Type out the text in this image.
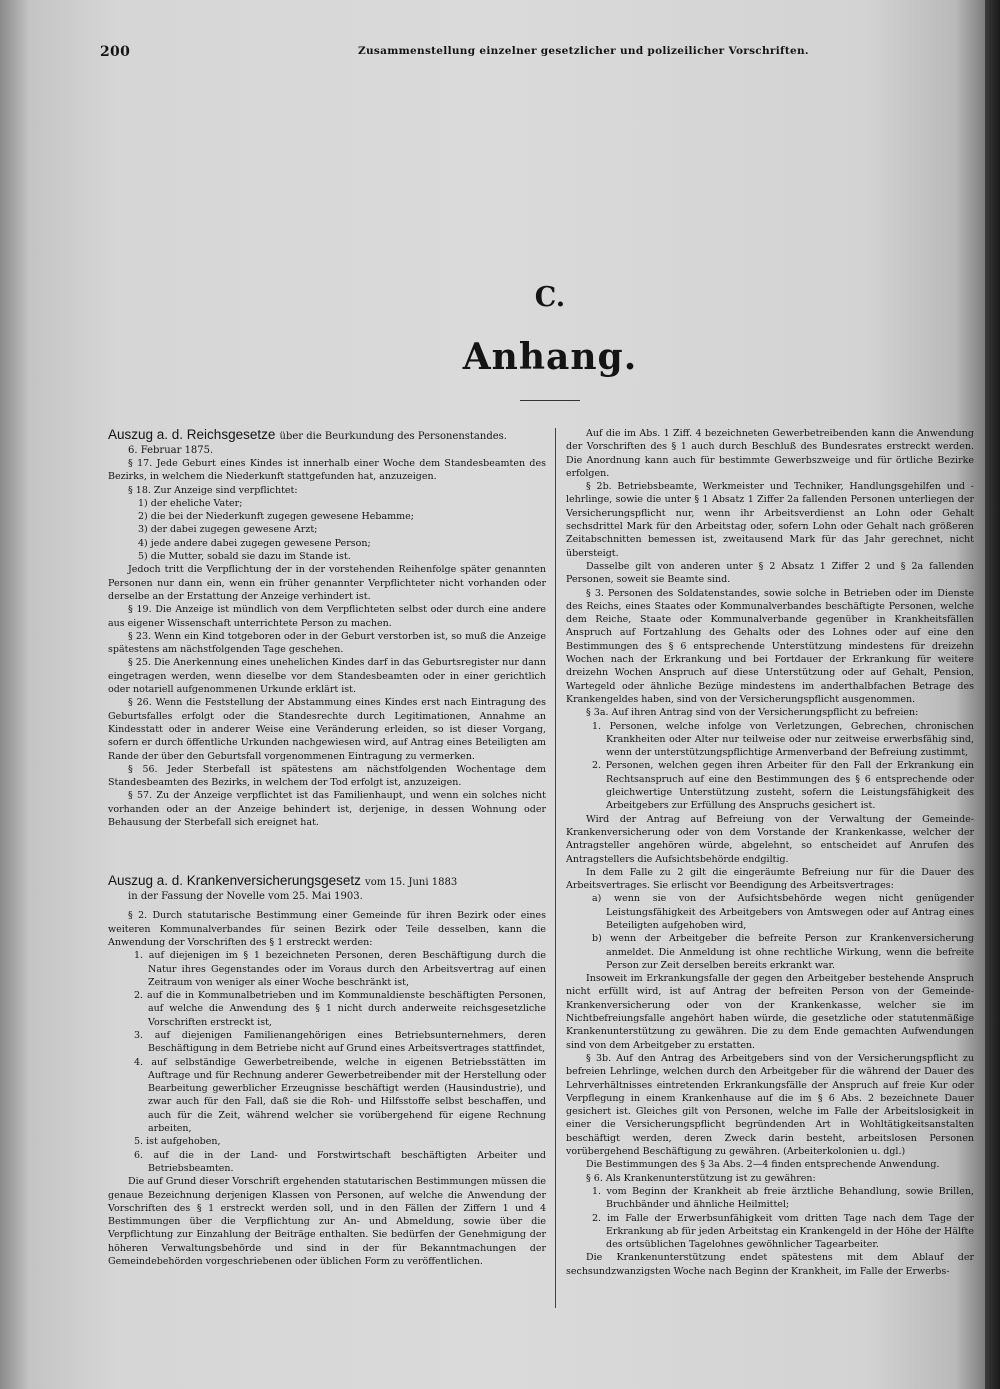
200	Zusammenstellung einzelner gesetzlicher und polizeilicher Vorschriften.
C.
Anhang.

Auszug a. d. Reichsgesetze über die Beurkundung des Personenstandes.

6. Februar 1875.

§ 17. Jede Geburt eines Kindes ist innerhalb einer Woche dem Standesbeamten des Bezirks, in welchem die Niederkunft stattgefunden hat, anzuzeigen.

§ 18. Zur Anzeige sind verpflichtet:

1) der eheliche Vater;

2) die bei der Niederkunft zugegen gewesene Hebamme;

3) der dabei zugegen gewesene Arzt;

4) jede andere dabei zugegen gewesene Person;

5) die Mutter, sobald sie dazu im Stande ist.

Jedoch tritt die Verpflichtung der in der vorstehenden Reihenfolge später genannten Personen nur dann ein, wenn ein früher genannter Verpflichteter nicht vorhanden oder derselbe an der Erstattung der Anzeige verhindert ist.

§ 19. Die Anzeige ist mündlich von dem Verpflichteten selbst oder durch eine andere aus eigener Wissenschaft unterrichtete Person zu machen.

§ 23. Wenn ein Kind totgeboren oder in der Geburt verstorben ist, so muß die Anzeige spätestens am nächstfolgenden Tage geschehen.

§ 25. Die Anerkennung eines unehelichen Kindes darf in das Geburtsregister nur dann eingetragen werden, wenn dieselbe vor dem Standesbeamten oder in einer gerichtlich oder notariell aufgenommenen Urkunde erklärt ist.

§ 26. Wenn die Feststellung der Abstammung eines Kindes erst nach Eintragung des Geburtsfalles erfolgt oder die Standesrechte durch Legitimationen, Annahme an Kindesstatt oder in anderer Weise eine Veränderung erleiden, so ist dieser Vorgang, sofern er durch öffentliche Urkunden nachgewiesen wird, auf Antrag eines Beteiligten am Rande der über den Geburtsfall vorgenommenen Eintragung zu vermerken.

§ 56. Jeder Sterbefall ist spätestens am nächstfolgenden Wochentage dem Standesbeamten des Bezirks, in welchem der Tod erfolgt ist, anzuzeigen.

§ 57. Zu der Anzeige verpflichtet ist das Familienhaupt, und wenn ein solches nicht vorhanden oder an der Anzeige behindert ist, derjenige, in dessen Wohnung oder Behausung der Sterbefall sich ereignet hat.

Auszug a. d. Krankenversicherungsgesetz vom 15. Juni 1883

in der Fassung der Novelle vom 25. Mai 1903.

§ 2. Durch statutarische Bestimmung einer Gemeinde für ihren Bezirk oder eines weiteren Kommunalverbandes für seinen Bezirk oder Teile desselben, kann die Anwendung der Vorschriften des § 1 erstreckt werden:

1. auf diejenigen im § 1 bezeichneten Personen, deren Beschäftigung durch die Natur ihres Gegenstandes oder im Voraus durch den Arbeitsvertrag auf einen Zeitraum von weniger als einer Woche beschränkt ist,

2. auf die in Kommunalbetrieben und im Kommunaldienste beschäftigten Personen, auf welche die Anwendung des § 1 nicht durch anderweite reichsgesetzliche Vorschriften erstreckt ist,

3. auf diejenigen Familienangehörigen eines Betriebsunternehmers, deren Beschäftigung in dem Betriebe nicht auf Grund eines Arbeitsvertrages stattfindet,

4. auf selbständige Gewerbetreibende, welche in eigenen Betriebsstätten im Auftrage und für Rechnung anderer Gewerbetreibender mit der Herstellung oder Bearbeitung gewerblicher Erzeugnisse beschäftigt werden (Hausindustrie), und zwar auch für den Fall, daß sie die Roh- und Hilfsstoffe selbst beschaffen, und auch für die Zeit, während welcher sie vorübergehend für eigene Rechnung arbeiten,

5. ist aufgehoben,

6. auf die in der Land- und Forstwirtschaft beschäftigten Arbeiter und Betriebsbeamten.

Die auf Grund dieser Vorschrift ergehenden statutarischen Bestimmungen müssen die genaue Bezeichnung derjenigen Klassen von Personen, auf welche die Anwendung der Vorschriften des § 1 erstreckt werden soll, und in den Fällen der Ziffern 1 und 4 Bestimmungen über die Verpflichtung zur An- und Abmeldung, sowie über die Verpflichtung zur Einzahlung der Beiträge enthalten. Sie bedürfen der Genehmigung der höheren Verwaltungsbehörde und sind in der für Bekanntmachungen der Gemeindebehörden vorgeschriebenen oder üblichen Form zu veröffentlichen.

Auf die im Abs. 1 Ziff. 4 bezeichneten Gewerbetreibenden kann die Anwendung der Vorschriften des § 1 auch durch Beschluß des Bundesrates erstreckt werden. Die Anordnung kann auch für bestimmte Gewerbszweige und für örtliche Bezirke erfolgen.

§ 2b. Betriebsbeamte, Werkmeister und Techniker, Handlungsgehilfen und -lehrlinge, sowie die unter § 1 Absatz 1 Ziffer 2a fallenden Personen unterliegen der Versicherungspflicht nur, wenn ihr Arbeitsverdienst an Lohn oder Gehalt sechsdrittel Mark für den Arbeitstag oder, sofern Lohn oder Gehalt nach größeren Zeitabschnitten bemessen ist, zweitausend Mark für das Jahr gerechnet, nicht übersteigt.

Dasselbe gilt von anderen unter § 2 Absatz 1 Ziffer 2 und § 2a fallenden Personen, soweit sie Beamte sind.

§ 3. Personen des Soldatenstandes, sowie solche in Betrieben oder im Dienste des Reichs, eines Staates oder Kommunalverbandes beschäftigte Personen, welche dem Reiche, Staate oder Kommunalverbande gegenüber in Krankheitsfällen Anspruch auf Fortzahlung des Gehalts oder des Lohnes oder auf eine den Bestimmungen des § 6 entsprechende Unterstützung mindestens für dreizehn Wochen nach der Erkrankung und bei Fortdauer der Erkrankung für weitere dreizehn Wochen Anspruch auf diese Unterstützung oder auf Gehalt, Pension, Wartegeld oder ähnliche Bezüge mindestens im anderthalbfachen Betrage des Krankengeldes haben, sind von der Versicherungspflicht ausgenommen.

§ 3a. Auf ihren Antrag sind von der Versicherungspflicht zu befreien:

1. Personen, welche infolge von Verletzungen, Gebrechen, chronischen Krankheiten oder Alter nur teilweise oder nur zeitweise erwerbsfähig sind, wenn der unterstützungspflichtige Armenverband der Befreiung zustimmt,

2. Personen, welchen gegen ihren Arbeiter für den Fall der Erkrankung ein Rechtsanspruch auf eine den Bestimmungen des § 6 entsprechende oder gleichwertige Unterstützung zusteht, sofern die Leistungsfähigkeit des Arbeitgebers zur Erfüllung des Anspruchs gesichert ist.

Wird der Antrag auf Befreiung von der Verwaltung der Gemeinde-Krankenversicherung oder von dem Vorstande der Krankenkasse, welcher der Antragsteller angehören würde, abgelehnt, so entscheidet auf Anrufen des Antragstellers die Aufsichtsbehörde endgiltig.

In dem Falle zu 2 gilt die eingeräumte Befreiung nur für die Dauer des Arbeitsvertrages. Sie erlischt vor Beendigung des Arbeitsvertrages:

a) wenn sie von der Aufsichtsbehörde wegen nicht genügender Leistungsfähigkeit des Arbeitgebers von Amtswegen oder auf Antrag eines Beteiligten aufgehoben wird,

b) wenn der Arbeitgeber die befreite Person zur Krankenversicherung anmeldet. Die Anmeldung ist ohne rechtliche Wirkung, wenn die befreite Person zur Zeit derselben bereits erkrankt war.

Insoweit im Erkrankungsfalle der gegen den Arbeitgeber bestehende Anspruch nicht erfüllt wird, ist auf Antrag der befreiten Person von der Gemeinde-Krankenversicherung oder von der Krankenkasse, welcher sie im Nichtbefreiungsfalle angehört haben würde, die gesetzliche oder statutenmäßige Krankenunterstützung zu gewähren. Die zu dem Ende gemachten Aufwendungen sind von dem Arbeitgeber zu erstatten.

§ 3b. Auf den Antrag des Arbeitgebers sind von der Versicherungspflicht zu befreien Lehrlinge, welchen durch den Arbeitgeber für die während der Dauer des Lehrverhältnisses eintretenden Erkrankungsfälle der Anspruch auf freie Kur oder Verpflegung in einem Krankenhause auf die im § 6 Abs. 2 bezeichnete Dauer gesichert ist. Gleiches gilt von Personen, welche im Falle der Arbeitslosigkeit in einer die Versicherungspflicht begründenden Art in Wohltätigkeitsanstalten beschäftigt werden, deren Zweck darin besteht, arbeitslosen Personen vorübergehend Beschäftigung zu gewähren. (Arbeiterkolonien u. dgl.)

Die Bestimmungen des § 3a Abs. 2—4 finden entsprechende Anwendung.

§ 6. Als Krankenunterstützung ist zu gewähren:

1. vom Beginn der Krankheit ab freie ärztliche Behandlung, sowie Brillen, Bruchbänder und ähnliche Heilmittel;

2. im Falle der Erwerbsunfähigkeit vom dritten Tage nach dem Tage der Erkrankung ab für jeden Arbeitstag ein Krankengeld in der Höhe der Hälfte des ortsüblichen Tagelohnes gewöhnlicher Tagearbeiter.

Die Krankenunterstützung endet spätestens mit dem Ablauf der sechsundzwanzigsten Woche nach Beginn der Krankheit, im Falle der Erwerbs-
